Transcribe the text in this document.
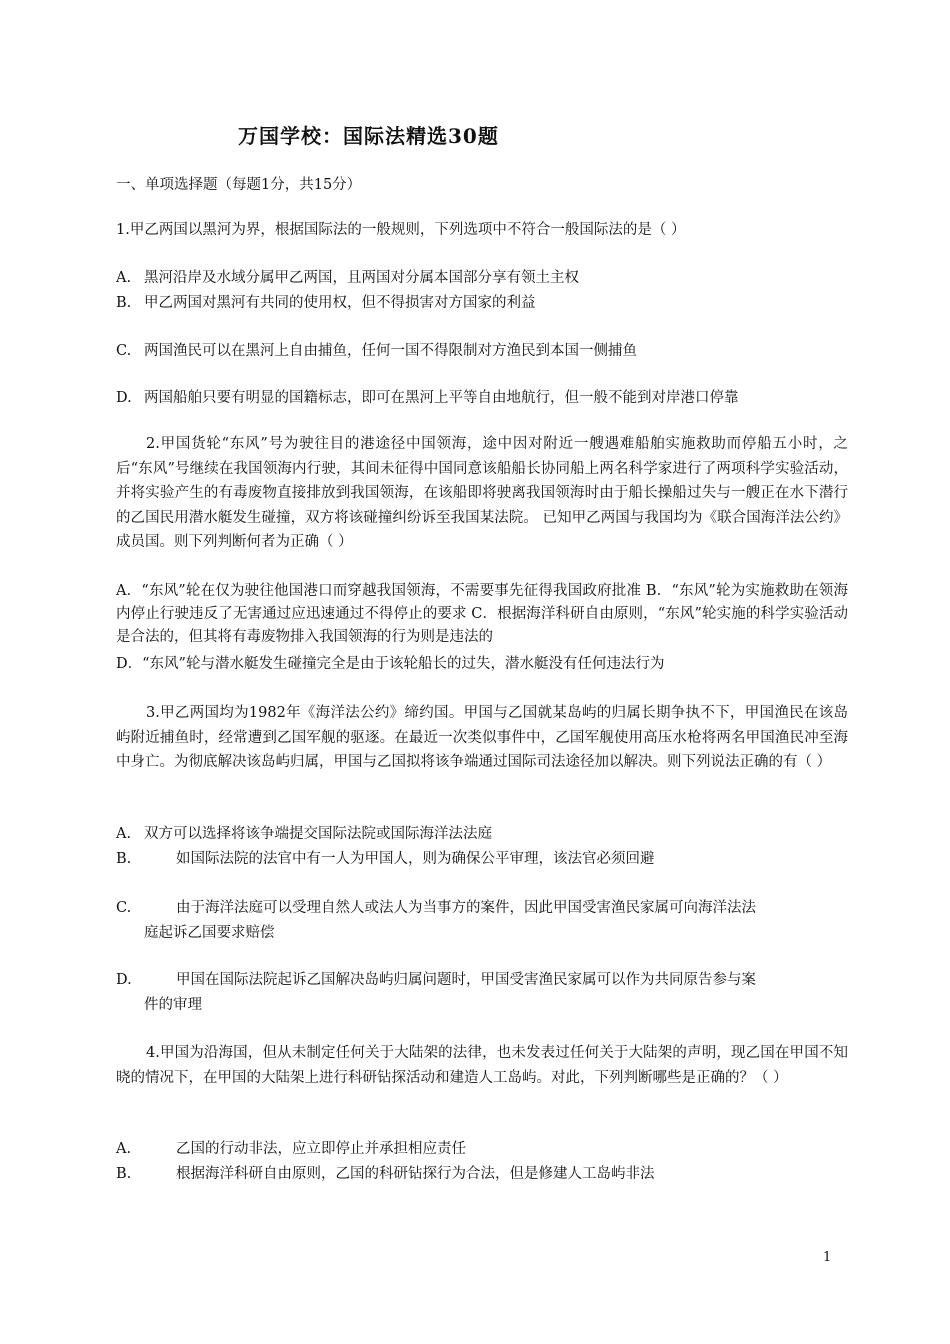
万国学校：国际法精选30题
一、单项选择题（每题1分，共15分）
1.甲乙两国以黑河为界，根据国际法的一般规则，下列选项中不符合一般国际法的是（ ）
A. 黑河沿岸及水域分属甲乙两国，且两国对分属本国部分享有领土主权
B. 甲乙两国对黑河有共同的使用权，但不得损害对方国家的利益
C. 两国渔民可以在黑河上自由捕鱼，任何一国不得限制对方渔民到本国一侧捕鱼
D. 两国船舶只要有明显的国籍标志，即可在黑河上平等自由地航行，但一般不能到对岸港口停靠
2.甲国货轮“东风”号为驶往目的港途径中国领海，途中因对附近一艘遇难船舶实施救助而停船五小时，之后“东风”号继续在我国领海内行驶，其间未征得中国同意该船船长协同船上两名科学家进行了两项科学实验活动，并将实验产生的有毒废物直接排放到我国领海，在该船即将驶离我国领海时由于船长操船过失与一艘正在水下潜行的乙国民用潜水艇发生碰撞，双方将该碰撞纠纷诉至我国某法院。 已知甲乙两国与我国均为《联合国海洋法公约》成员国。则下列判断何者为正确（ ）
A．“东风”轮在仅为驶往他国港口而穿越我国领海，不需要事先征得我国政府批准 B．“东风”轮为实施救助在领海内停止行驶违反了无害通过应迅速通过不得停止的要求 C．根据海洋科研自由原则，“东风”轮实施的科学实验活动是合法的，但其将有毒废物排入我国领海的行为则是违法的
D．“东风”轮与潜水艇发生碰撞完全是由于该轮船长的过失，潜水艇没有任何违法行为
3.甲乙两国均为1982年《海洋法公约》缔约国。甲国与乙国就某岛屿的归属长期争执不下，甲国渔民在该岛屿附近捕鱼时，经常遭到乙国军舰的驱逐。在最近一次类似事件中，乙国军舰使用高压水枪将两名甲国渔民冲至海中身亡。为彻底解决该岛屿归属，甲国与乙国拟将该争端通过国际司法途径加以解决。则下列说法正确的有（ ）
A. 双方可以选择将该争端提交国际法院或国际海洋法法庭
B.	如国际法院的法官中有一人为甲国人，则为确保公平审理，该法官必须回避
C.	由于海洋法庭可以受理自然人或法人为当事方的案件，因此甲国受害渔民家属可向海洋法法
庭起诉乙国要求赔偿
D.	甲国在国际法院起诉乙国解决岛屿归属问题时，甲国受害渔民家属可以作为共同原告参与案
件的审理
4.甲国为沿海国，但从未制定任何关于大陆架的法律，也未发表过任何关于大陆架的声明，现乙国在甲国不知晓的情况下，在甲国的大陆架上进行科研钻探活动和建造人工岛屿。对此，下列判断哪些是正确的？（ ）
A.	乙国的行动非法，应立即停止并承担相应责任
B.	根据海洋科研自由原则，乙国的科研钻探行为合法，但是修建人工岛屿非法
1
